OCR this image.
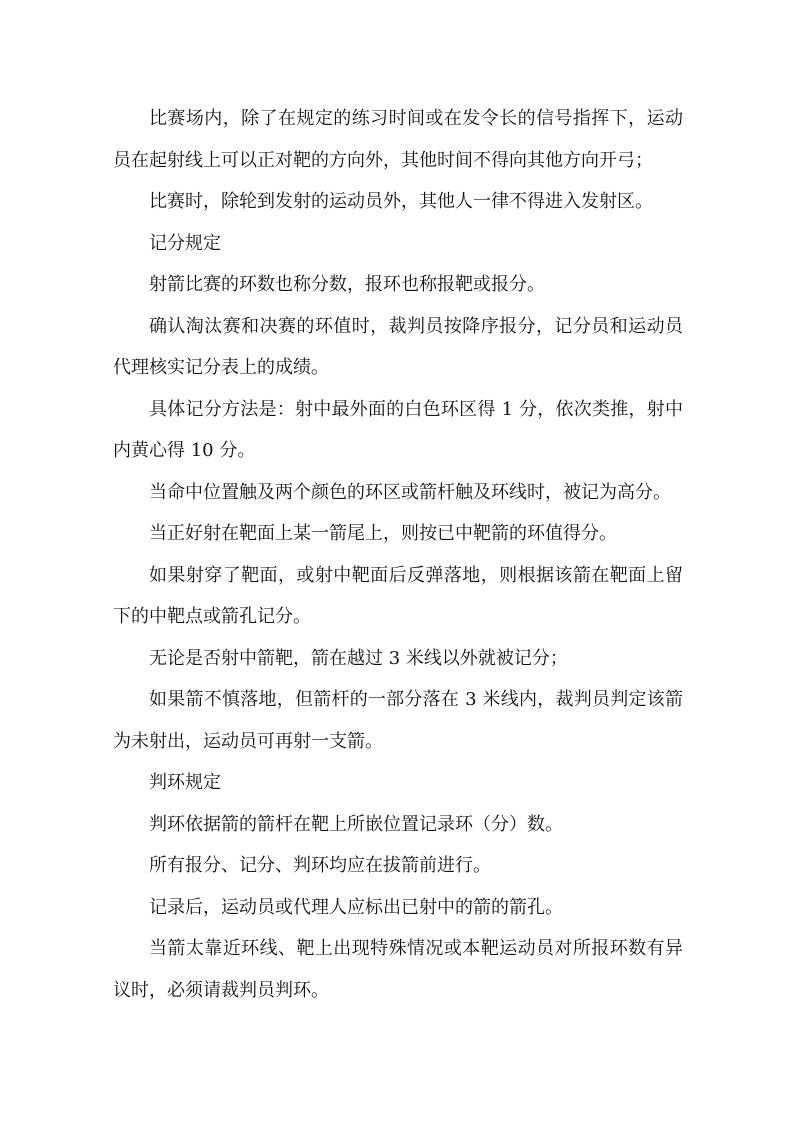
比赛场内，除了在规定的练习时间或在发令长的信号指挥下，运动员在起射线上可以正对靶的方向外，其他时间不得向其他方向开弓；

比赛时，除轮到发射的运动员外，其他人一律不得进入发射区。

记分规定

射箭比赛的环数也称分数，报环也称报靶或报分。

确认淘汰赛和决赛的环值时，裁判员按降序报分，记分员和运动员代理核实记分表上的成绩。

具体记分方法是：射中最外面的白色环区得 1 分，依次类推，射中内黄心得 10 分。

当命中位置触及两个颜色的环区或箭杆触及环线时，被记为高分。

当正好射在靶面上某一箭尾上，则按已中靶箭的环值得分。

如果射穿了靶面，或射中靶面后反弹落地，则根据该箭在靶面上留下的中靶点或箭孔记分。

无论是否射中箭靶，箭在越过 3 米线以外就被记分；

如果箭不慎落地，但箭杆的一部分落在 3 米线内，裁判员判定该箭为未射出，运动员可再射一支箭。

判环规定

判环依据箭的箭杆在靶上所嵌位置记录环（分）数。

所有报分、记分、判环均应在拔箭前进行。

记录后，运动员或代理人应标出已射中的箭的箭孔。

当箭太靠近环线、靶上出现特殊情况或本靶运动员对所报环数有异议时，必须请裁判员判环。
